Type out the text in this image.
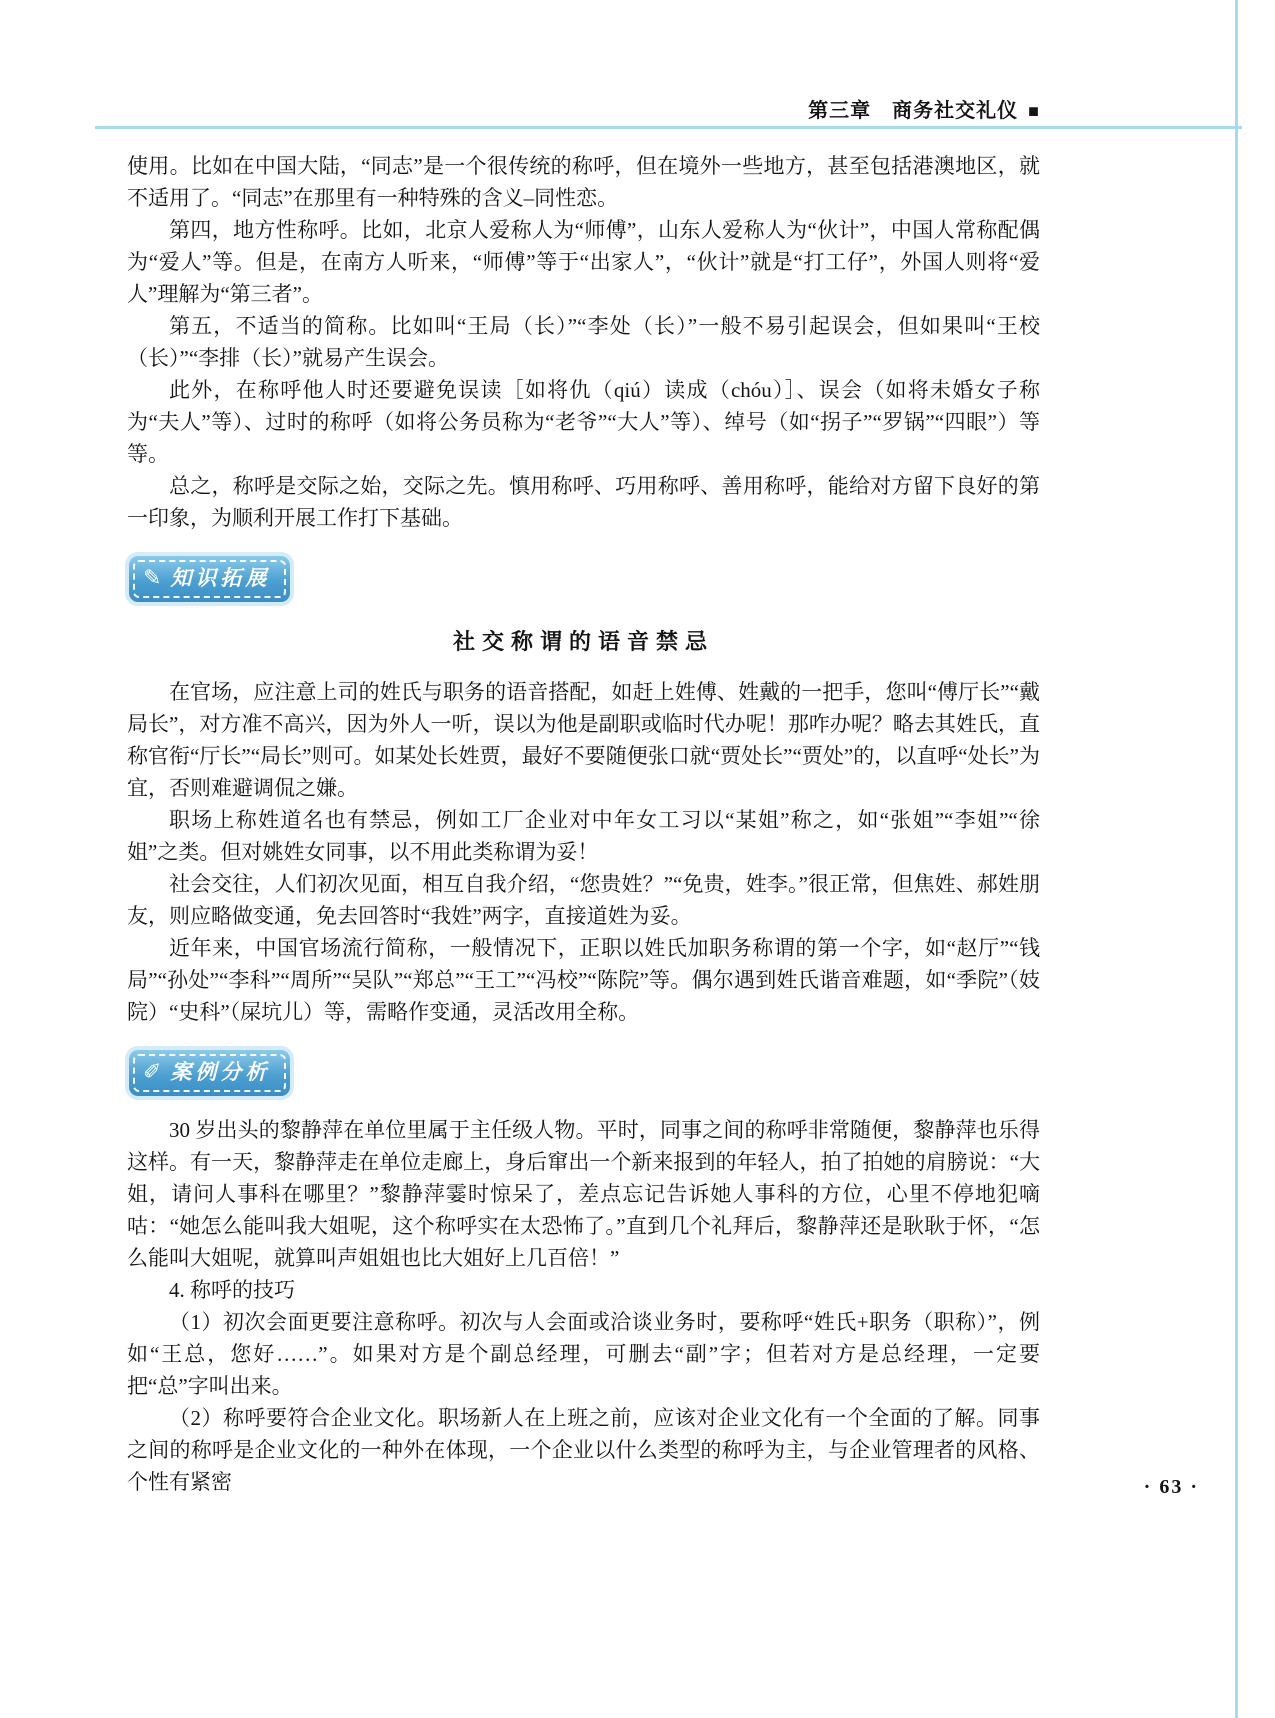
第三章　商务社交礼仪 ■

使用。比如在中国大陆，“同志”是一个很传统的称呼，但在境外一些地方，甚至包括港澳地区，就不适用了。“同志”在那里有一种特殊的含义–同性恋。

第四，地方性称呼。比如，北京人爱称人为“师傅”，山东人爱称人为“伙计”，中国人常称配偶为“爱人”等。但是，在南方人听来，“师傅”等于“出家人”，“伙计”就是“打工仔”，外国人则将“爱人”理解为“第三者”。

第五，不适当的简称。比如叫“王局（长）”“李处（长）”一般不易引起误会，但如果叫“王校（长）”“李排（长）”就易产生误会。

此外，在称呼他人时还要避免误读［如将仇（qiú）读成（chóu）］、误会（如将未婚女子称为“夫人”等）、过时的称呼（如将公务员称为“老爷”“大人”等）、绰号（如“拐子”“罗锅”“四眼”）等等。

总之，称呼是交际之始，交际之先。慎用称呼、巧用称呼、善用称呼，能给对方留下良好的第一印象，为顺利开展工作打下基础。

✎ 知识拓展
社交称谓的语音禁忌

在官场，应注意上司的姓氏与职务的语音搭配，如赶上姓傅、姓戴的一把手，您叫“傅厅长”“戴局长”，对方准不高兴，因为外人一听，误以为他是副职或临时代办呢！那咋办呢？略去其姓氏，直称官衔“厅长”“局长”则可。如某处长姓贾，最好不要随便张口就“贾处长”“贾处”的，以直呼“处长”为宜，否则难避调侃之嫌。

职场上称姓道名也有禁忌，例如工厂企业对中年女工习以“某姐”称之，如“张姐”“李姐”“徐姐”之类。但对姚姓女同事，以不用此类称谓为妥！

社会交往，人们初次见面，相互自我介绍，“您贵姓？”“免贵，姓李。”很正常，但焦姓、郝姓朋友，则应略做变通，免去回答时“我姓”两字，直接道姓为妥。

近年来，中国官场流行简称，一般情况下，正职以姓氏加职务称谓的第一个字，如“赵厅”“钱局”“孙处”“李科”“周所”“吴队”“郑总”“王工”“冯校”“陈院”等。偶尔遇到姓氏谐音难题，如“季院”（妓院）“史科”（屎坑儿）等，需略作变通，灵活改用全称。

✐ 案例分析

30 岁出头的黎静萍在单位里属于主任级人物。平时，同事之间的称呼非常随便，黎静萍也乐得这样。有一天，黎静萍走在单位走廊上，身后窜出一个新来报到的年轻人，拍了拍她的肩膀说：“大姐，请问人事科在哪里？”黎静萍霎时惊呆了，差点忘记告诉她人事科的方位，心里不停地犯嘀咕：“她怎么能叫我大姐呢，这个称呼实在太恐怖了。”直到几个礼拜后，黎静萍还是耿耿于怀，“怎么能叫大姐呢，就算叫声姐姐也比大姐好上几百倍！”

4. 称呼的技巧

（1）初次会面更要注意称呼。初次与人会面或洽谈业务时，要称呼“姓氏+职务（职称）”，例如“王总，您好……”。如果对方是个副总经理，可删去“副”字；但若对方是总经理，一定要把“总”字叫出来。

（2）称呼要符合企业文化。职场新人在上班之前，应该对企业文化有一个全面的了解。同事之间的称呼是企业文化的一种外在体现，一个企业以什么类型的称呼为主，与企业管理者的风格、个性有紧密	· 63 ·
